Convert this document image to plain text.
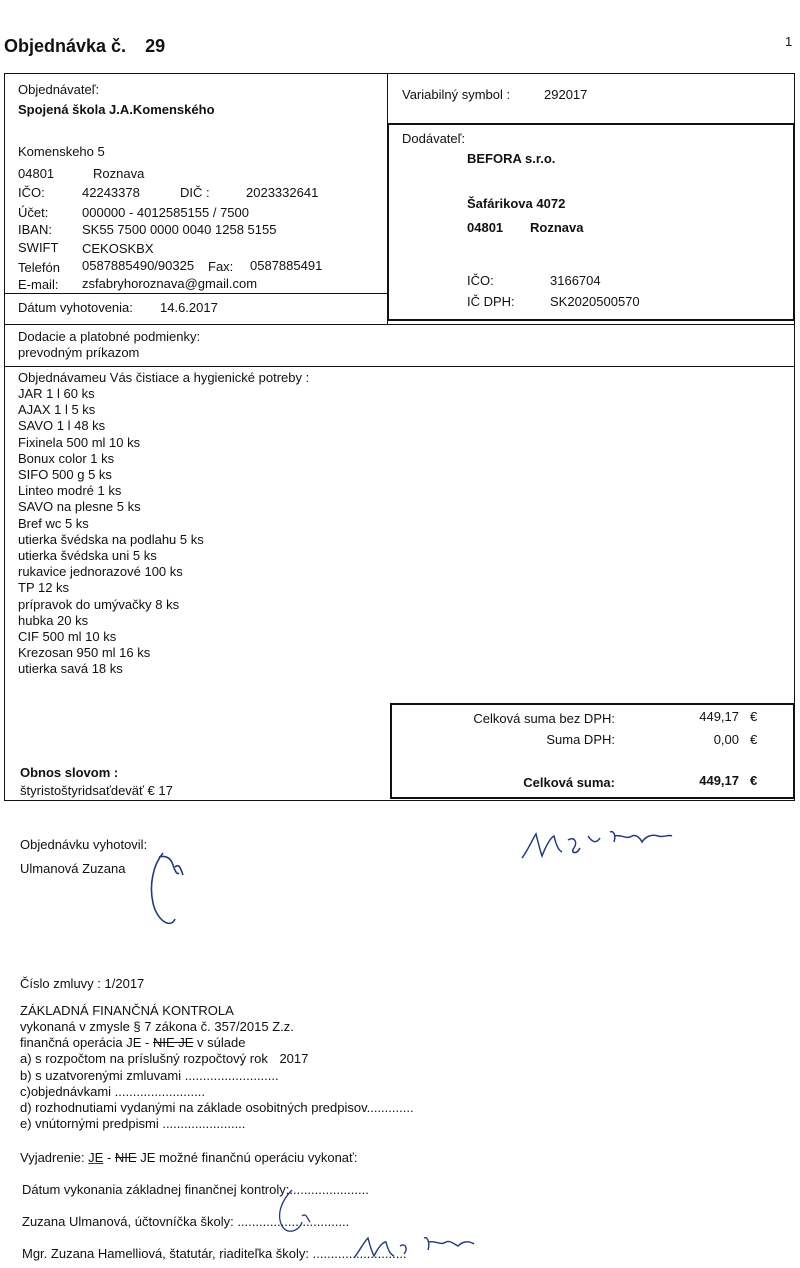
Objednávka č. 29	1
Objednávateľ:
Spojená škola J.A.Komenského
Komenskeho 5
04801	Roznava
IČO:	42243378	DIČ :	2023332641
Účet:	000000 - 4012585155 / 7500
IBAN: SK55 7500 0000 0040 1258 5155
SWIFT CEKOSKBX
Telefón 0587885490/90325 Fax: 0587885491
E-mail: zsfabryhoroznava@gmail.com
Dátum vyhotovenia: 14.6.2017
Variabilný symbol :	292017
Dodávateľ:
BEFORA s.r.o.
Šafárikova 4072
04801 Roznava
IČO:	3166704
IČ DPH:	SK2020500570
Dodacie a platobné podmienky:
prevodným príkazom
Objednávameu Vás čistiace a hygienické potreby :
JAR 1 l 60 ks
AJAX 1 l 5 ks
SAVO 1 l 48 ks
Fixinela 500 ml 10 ks
Bonux color 1 ks
SIFO 500 g 5 ks
Linteo modré 1 ks
SAVO na plesne 5 ks
Bref wc 5 ks
utierka švédska na podlahu 5 ks
utierka švédska uni 5 ks
rukavice jednorazové 100 ks
TP 12 ks
prípravok do umývačky 8 ks
hubka 20 ks
CIF 500 ml 10 ks
Krezosan 950 ml 16 ks
utierka savá 18 ks
Celková suma bez DPH:	449,17 €
Suma DPH:	0,00 €
Celková suma:	449,17 €
Obnos slovom :
štyristoštyridsaťdeväť € 17
Objednávku vyhotovil:
Ulmanová Zuzana
Číslo zmluvy : 1/2017
ZÁKLADNÁ FINANČNÁ KONTROLA
vykonaná v zmysle § 7 zákona č. 357/2015 Z.z.
finančná operácia JE - NIE JE v súlade
a) s rozpočtom na príslušný rozpočtový rok 2017
b) s uzatvorenými zmluvami ..........................
c)objednávkami .........................
d) rozhodnutiami vydanými na základe osobitných predpisov.............
e) vnútornými predpismi .......................
Vyjadrenie: JE - NIE JE možné finančnú operáciu vykonať:
Dátum vykonania základnej finančnej kontroly:......................
Zuzana Ulmanová, účtovníčka školy: ...............................
Mgr. Zuzana Hamelliová, štatutár, riaditeľka školy: ..........................
